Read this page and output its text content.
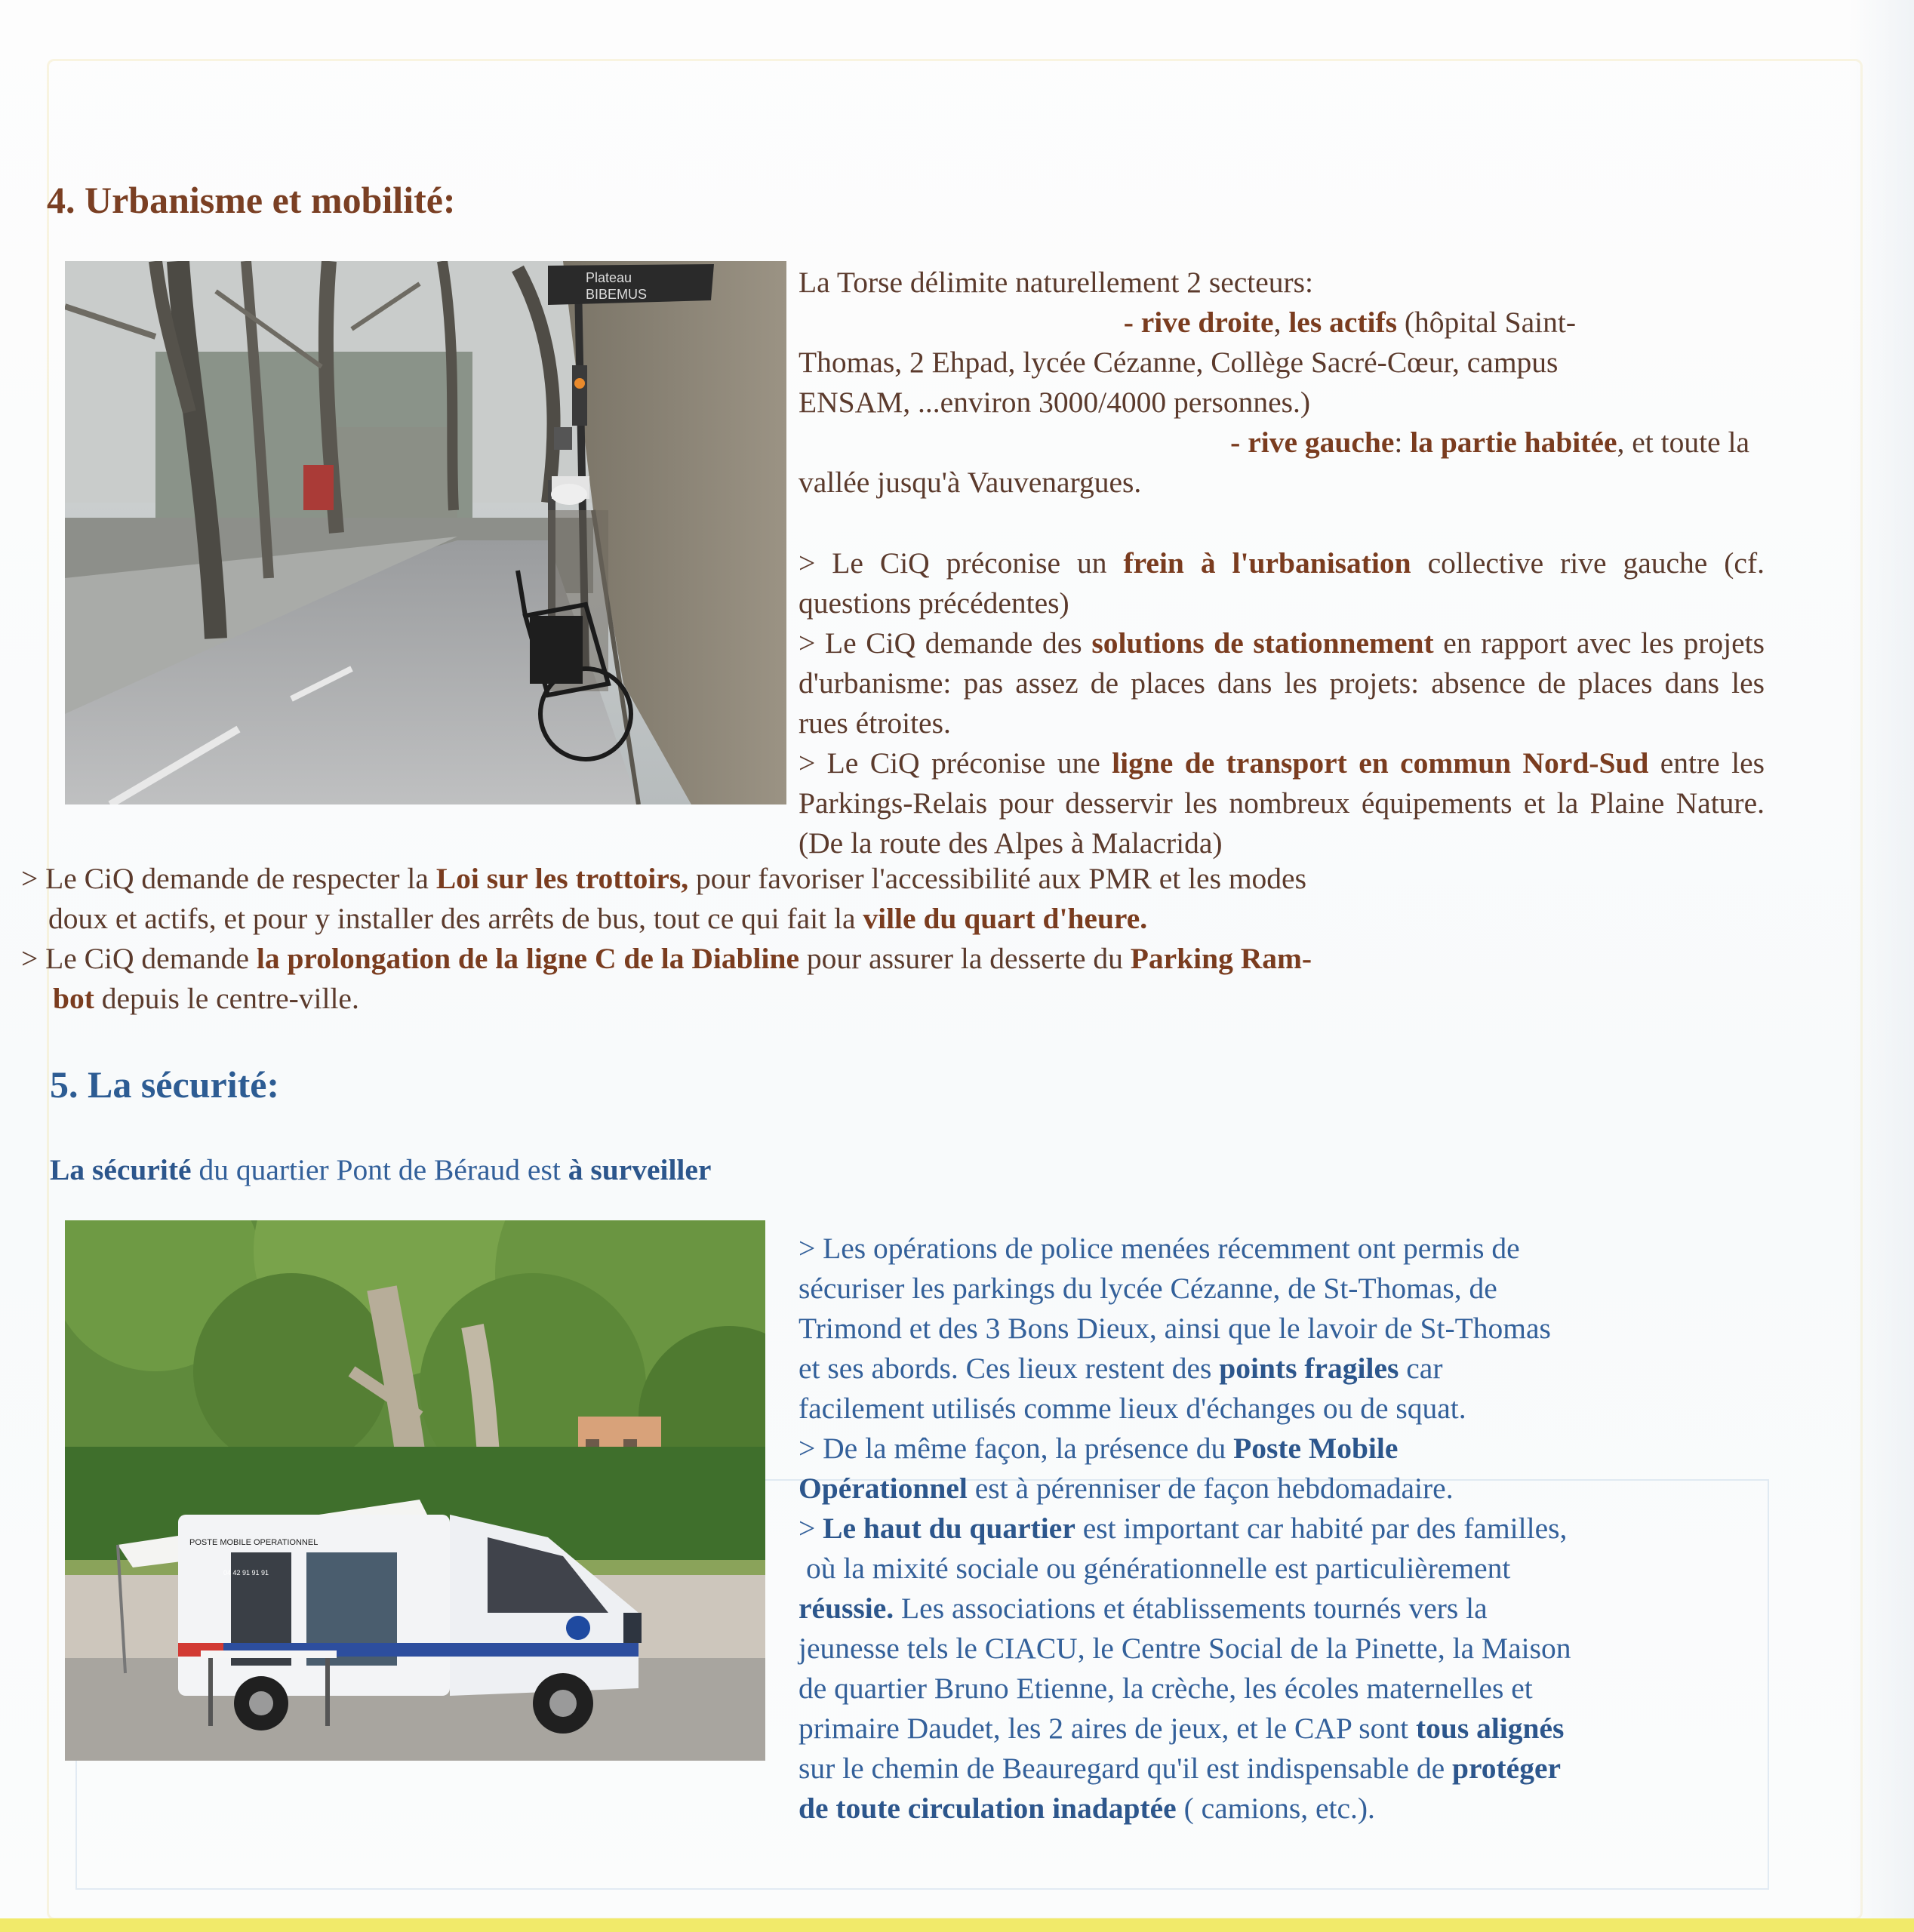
4. Urbanisme et mobilité:
Plateau
BIBEMUS	La Torse délimite naturellement 2 secteurs:

- rive droite, les actifs (hôpital Saint-

Thomas, 2 Ehpad, lycée Cézanne, Collège Sacré-Cœur, campus

ENSAM, ...environ 3000/4000 personnes.)

- rive gauche: la partie habitée, et toute la

vallée jusqu'à Vauvenargues.

> Le CiQ préconise un frein à l'urbanisation collective rive gauche (cf. questions précédentes)

> Le CiQ demande des solutions de stationnement en rapport avec les projets d'urbanisme: pas assez de places dans les projets: absence de places dans les rues étroites.

> Le CiQ préconise une ligne de transport en commun Nord-Sud entre les Parkings-Relais pour desservir les nombreux équipements et la Plaine Nature. (De la route des Alpes à Malacrida)

> Le CiQ demande de respecter la Loi sur les trottoirs, pour favoriser l'accessibilité aux PMR et les modes

doux et actifs, et pour y installer des arrêts de bus, tout ce qui fait la ville du quart d'heure.

> Le CiQ demande la prolongation de la ligne C de la Diabline pour assurer la desserte du Parking Ram-

bot depuis le centre-ville.

5. La sécurité:

La sécurité du quartier Pont de Béraud est à surveiller

POSTE MOBILE OPERATIONNEL
04 42 91 91 91

> Les opérations de police menées récemment ont permis de

sécuriser les parkings du lycée Cézanne, de St-Thomas, de

Trimond et des 3 Bons Dieux, ainsi que le lavoir de St-Thomas

et ses abords. Ces lieux restent des points fragiles car

facilement utilisés comme lieux d'échanges ou de squat.

> De la même façon, la présence du Poste Mobile

Opérationnel est à pérenniser de façon hebdomadaire.

> Le haut du quartier est important car habité par des familles,

où la mixité sociale ou générationnelle est particulièrement

réussie. Les associations et établissements tournés vers la

jeunesse tels le CIACU, le Centre Social de la Pinette, la Maison

de quartier Bruno Etienne, la crèche, les écoles maternelles et

primaire Daudet, les 2 aires de jeux, et le CAP sont tous alignés

sur le chemin de Beauregard qu'il est indispensable de protéger

de toute circulation inadaptée ( camions, etc.).
